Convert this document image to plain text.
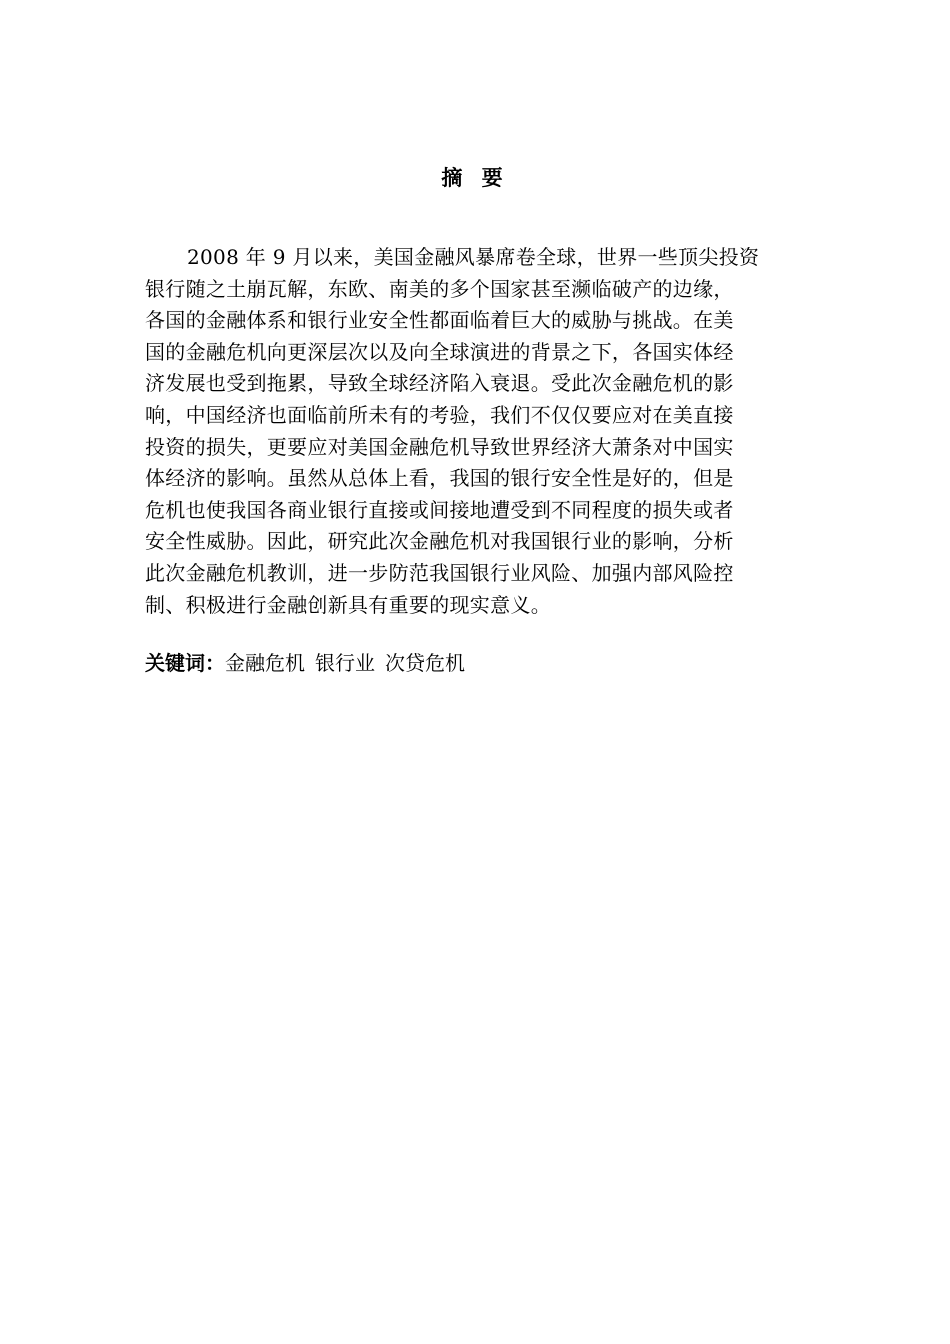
摘 要
2008 年 9 月以来，美国金融风暴席卷全球，世界一些顶尖投资
银行随之土崩瓦解，东欧、南美的多个国家甚至濒临破产的边缘，
各国的金融体系和银行业安全性都面临着巨大的威胁与挑战。在美
国的金融危机向更深层次以及向全球演进的背景之下，各国实体经
济发展也受到拖累，导致全球经济陷入衰退。受此次金融危机的影
响，中国经济也面临前所未有的考验，我们不仅仅要应对在美直接
投资的损失，更要应对美国金融危机导致世界经济大萧条对中国实
体经济的影响。虽然从总体上看，我国的银行安全性是好的，但是
危机也使我国各商业银行直接或间接地遭受到不同程度的损失或者
安全性威胁。因此，研究此次金融危机对我国银行业的影响，分析
此次金融危机教训，进一步防范我国银行业风险、加强内部风险控
制、积极进行金融创新具有重要的现实意义。
关键词：金融危机 银行业 次贷危机
